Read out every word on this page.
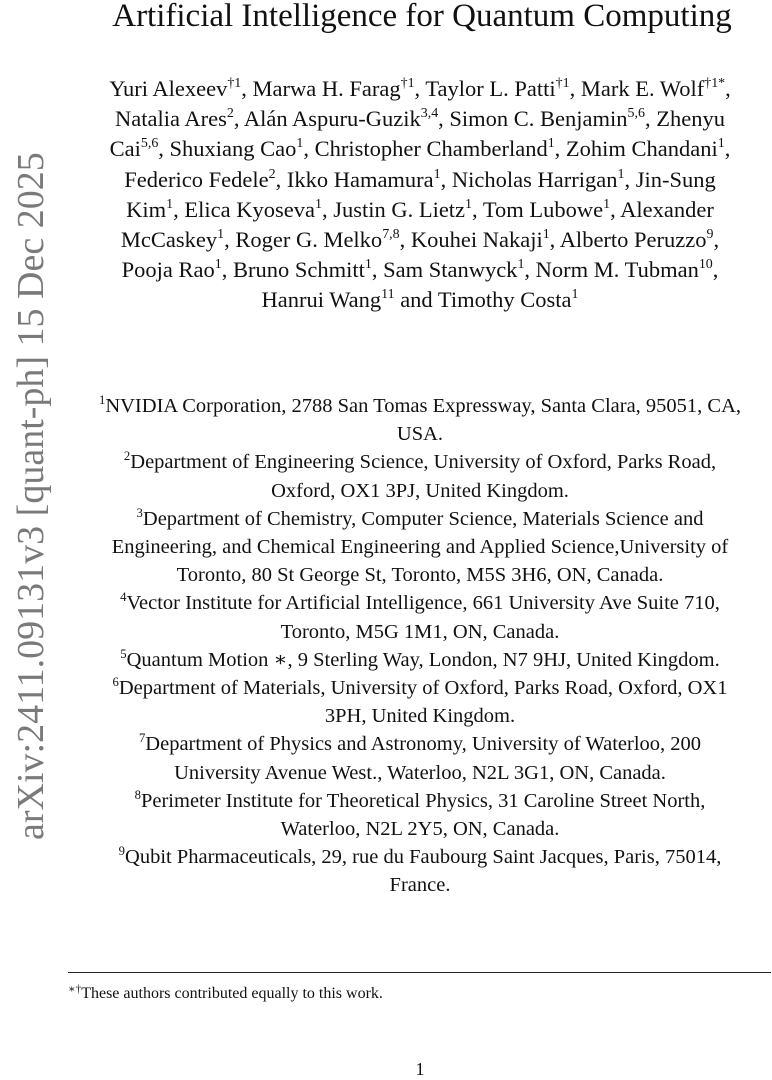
arXiv:2411.09131v3 [quant-ph] 15 Dec 2025
Artificial Intelligence for Quantum Computing
Yuri Alexeev$^{\dagger 1}$, Marwa H. Farag$^{\dagger 1}$, Taylor L. Patti$^{\dagger 1}$, Mark E. Wolf$^{\dagger 1*}$, Natalia Ares$^2$, Alán Aspuru-Guzik$^{3,4}$, Simon C. Benjamin$^{5,6}$, Zhenyu Cai$^{5,6}$, Shuxiang Cao$^1$, Christopher Chamberland$^1$, Zohim Chandani$^1$, Federico Fedele$^2$, Ikko Hamamura$^1$, Nicholas Harrigan$^1$, Jin-Sung Kim$^1$, Elica Kyoseva$^1$, Justin G. Lietz$^1$, Tom Lubowe$^1$, Alexander McCaskey$^1$, Roger G. Melko$^{7,8}$, Kouhei Nakaji$^1$, Alberto Peruzzo$^9$, Pooja Rao$^1$, Bruno Schmitt$^1$, Sam Stanwyck$^1$, Norm M. Tubman$^{10}$, Hanrui Wang$^{11}$ and Timothy Costa$^1$
$^1$NVIDIA Corporation, 2788 San Tomas Expressway, Santa Clara, 95051, CA, USA.
$^2$Department of Engineering Science, University of Oxford, Parks Road, Oxford, OX1 3PJ, United Kingdom.
$^3$Department of Chemistry, Computer Science, Materials Science and Engineering, and Chemical Engineering and Applied Science,University of Toronto, 80 St George St, Toronto, M5S 3H6, ON, Canada.
$^4$Vector Institute for Artificial Intelligence, 661 University Ave Suite 710, Toronto, M5G 1M1, ON, Canada.
$^5$Quantum Motion ∗, 9 Sterling Way, London, N7 9HJ, United Kingdom.
$^6$Department of Materials, University of Oxford, Parks Road, Oxford, OX1 3PH, United Kingdom.
$^7$Department of Physics and Astronomy, University of Waterloo, 200 University Avenue West., Waterloo, N2L 3G1, ON, Canada.
$^8$Perimeter Institute for Theoretical Physics, 31 Caroline Street North, Waterloo, N2L 2Y5, ON, Canada.
$^9$Qubit Pharmaceuticals, 29, rue du Faubourg Saint Jacques, Paris, 75014, France.
∗†These authors contributed equally to this work.
1
